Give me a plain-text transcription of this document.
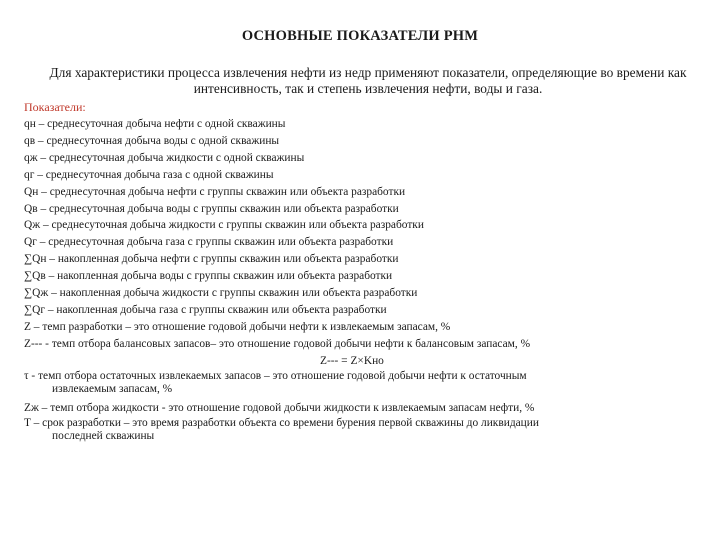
ОСНОВНЫЕ ПОКАЗАТЕЛИ РНМ
Для характеристики процесса извлечения нефти из недр применяют показатели, определяющие во времени как интенсивность, так и степень извлечения нефти, воды и газа.
Показатели:
qн – среднесуточная добыча нефти с одной скважины
qв – среднесуточная добыча воды с одной скважины
qж – среднесуточная добыча жидкости с одной скважины
qг – среднесуточная добыча газа с одной скважины
Qн – среднесуточная добыча нефти с группы скважин или объекта разработки
Qв – среднесуточная добыча воды с группы скважин или объекта разработки
Qж – среднесуточная добыча жидкости с группы скважин или объекта разработки
Qг – среднесуточная добыча газа с группы скважин или объекта разработки
∑Qн – накопленная добыча нефти с группы скважин или объекта разработки
∑Qв – накопленная добыча воды с группы скважин или объекта разработки
∑Qж – накопленная добыча жидкости с группы скважин или объекта разработки
∑Qг – накопленная добыча газа с группы скважин или объекта разработки
Z – темп разработки – это отношение годовой добычи нефти к извлекаемым запасам, %
Z--- - темп отбора балансовых запасов– это отношение годовой добычи нефти к балансовым запасам, %
Z--- = Z×Kно
τ - темп отбора остаточных извлекаемых запасов – это отношение годовой добычи нефти к остаточным
извлекаемым запасам, %
Zж – темп отбора жидкости - это отношение годовой добычи жидкости к извлекаемым запасам нефти, %
T – срок разработки – это время разработки объекта со времени бурения первой скважины до ликвидации
последней скважины
